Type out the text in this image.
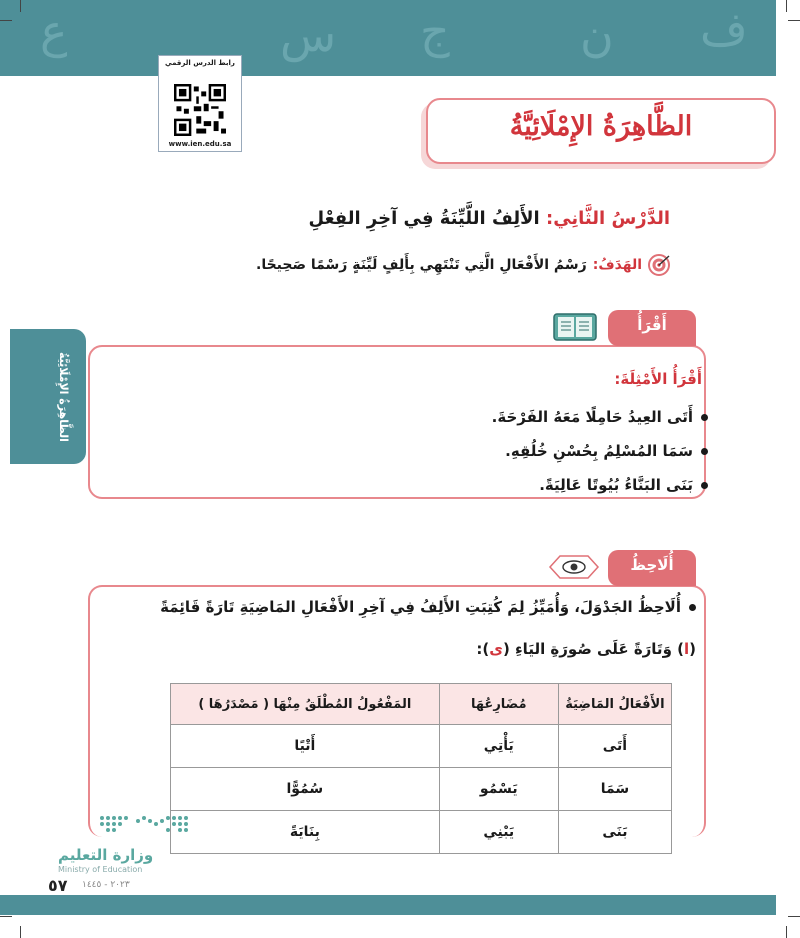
ع	س ج	ن ف
رابط الدرس الرقمي
www.ien.edu.sa
الظَّاهِرَةُ الإِمْلَائِيَّةُ
الظَّاهِرَةُ الإِمْلَائِيَّةُ
الدَّرْسُ الثَّانِي: الأَلِفُ اللَّيِّنَةُ فِي آخِرِ الفِعْلِ
الهَدَفُ:
رَسْمُ الأَفْعَالِ الَّتِي تَنْتَهِي بِأَلِفٍ لَيِّنَةٍ رَسْمًا صَحِيحًا.
أَقْرَأُ
أَقْرَأُ الأَمْثِلَةَ:
أَتَى العِيدُ حَامِلًا مَعَهُ الفَرْحَةَ.
سَمَا المُسْلِمُ بِحُسْنِ خُلُقِهِ.
بَنَى البَنَّاءُ بُيُوتًا عَالِيَةً.
أُلَاحِظُ
أُلَاحِظُ الجَدْوَلَ، وَأُمَيِّزُ لِمَ كُتِبَتِ الأَلِفُ فِي آخِرِ الأَفْعَالِ المَاضِيَةِ تَارَةً قَائِمَةً
(ا) وَتَارَةً عَلَى صُورَةِ اليَاءِ (ى):
الأَفْعَالُ المَاضِيَةُ	مُضَارِعُهَا	المَفْعُولُ المُطْلَقُ مِنْهَا ( مَصْدَرُهَا )
أَتَى	يَأْتِي	أَتْيًا
سَمَا	يَسْمُو	سُمُوًّا
بَنَى	يَبْنِي	بِنَايَةً
وزارة التعليم
Ministry of Education
٥٧ ٢٠٢٣ - ١٤٤٥
